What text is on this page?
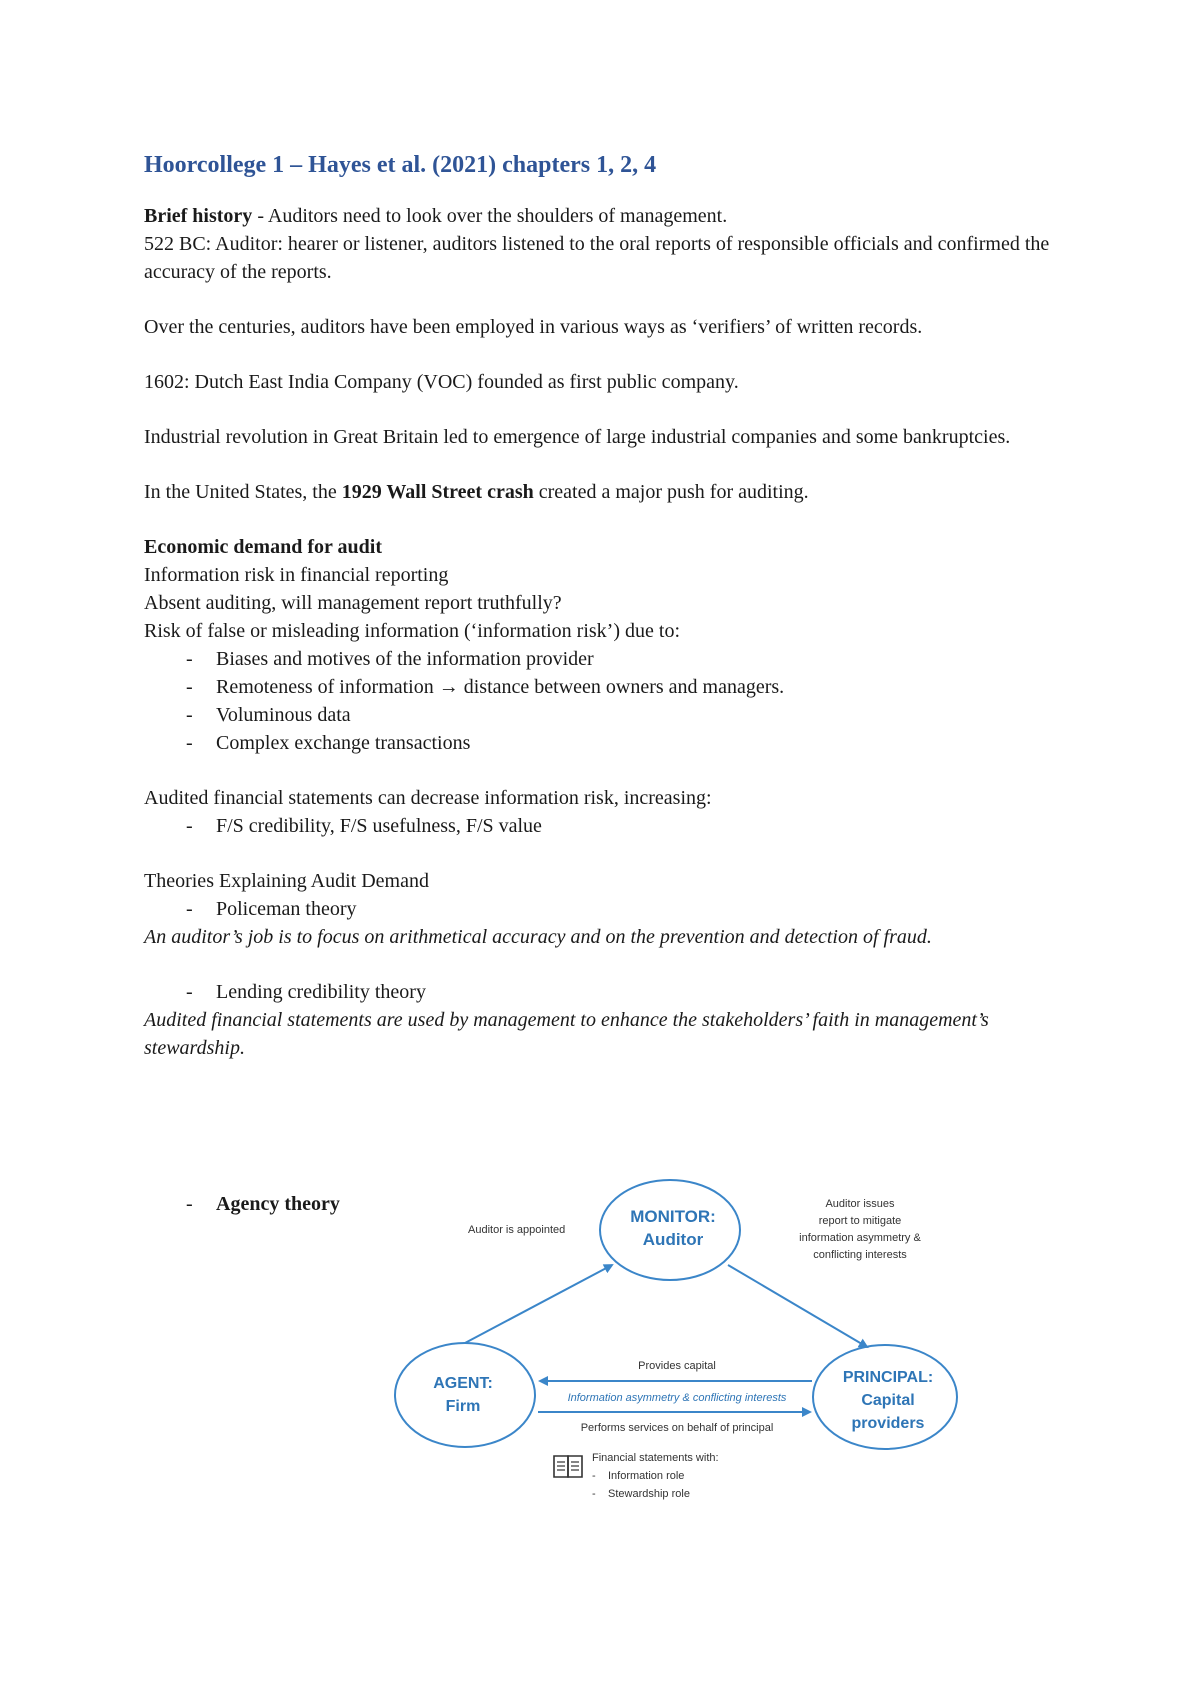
Hoorcollege 1 – Hayes et al. (2021) chapters 1, 2, 4

Brief history - Auditors need to look over the shoulders of management.

522 BC: Auditor: hearer or listener, auditors listened to the oral reports of responsible officials and confirmed the accuracy of the reports.

Over the centuries, auditors have been employed in various ways as ‘verifiers’ of written records.

1602: Dutch East India Company (VOC) founded as first public company.

Industrial revolution in Great Britain led to emergence of large industrial companies and some bankruptcies.

In the United States, the 1929 Wall Street crash created a major push for auditing.

Economic demand for audit

Information risk in financial reporting

Absent auditing, will management report truthfully?

Risk of false or misleading information (‘information risk’) due to:

- Biases and motives of the information provider
- Remoteness of information → distance between owners and managers.
- Voluminous data
- Complex exchange transactions

Audited financial statements can decrease information risk, increasing:

- F/S credibility, F/S usefulness, F/S value

Theories Explaining Audit Demand

- Policeman theory

An auditor’s job is to focus on arithmetical accuracy and on the prevention and detection of fraud.

- Lending credibility theory

Audited financial statements are used by management to enhance the stakeholders’ faith in management’s stewardship.

- Agency theory
MONITOR:
Auditor
AGENT:
Firm
PRINCIPAL:
Capital
providers
Auditor is appointed
Auditor issues
report to mitigate
information asymmetry &
conflicting interests
Provides capital
Information asymmetry & conflicting interests
Performs services on behalf of principal
Financial statements with:
- Information role
- Stewardship role
